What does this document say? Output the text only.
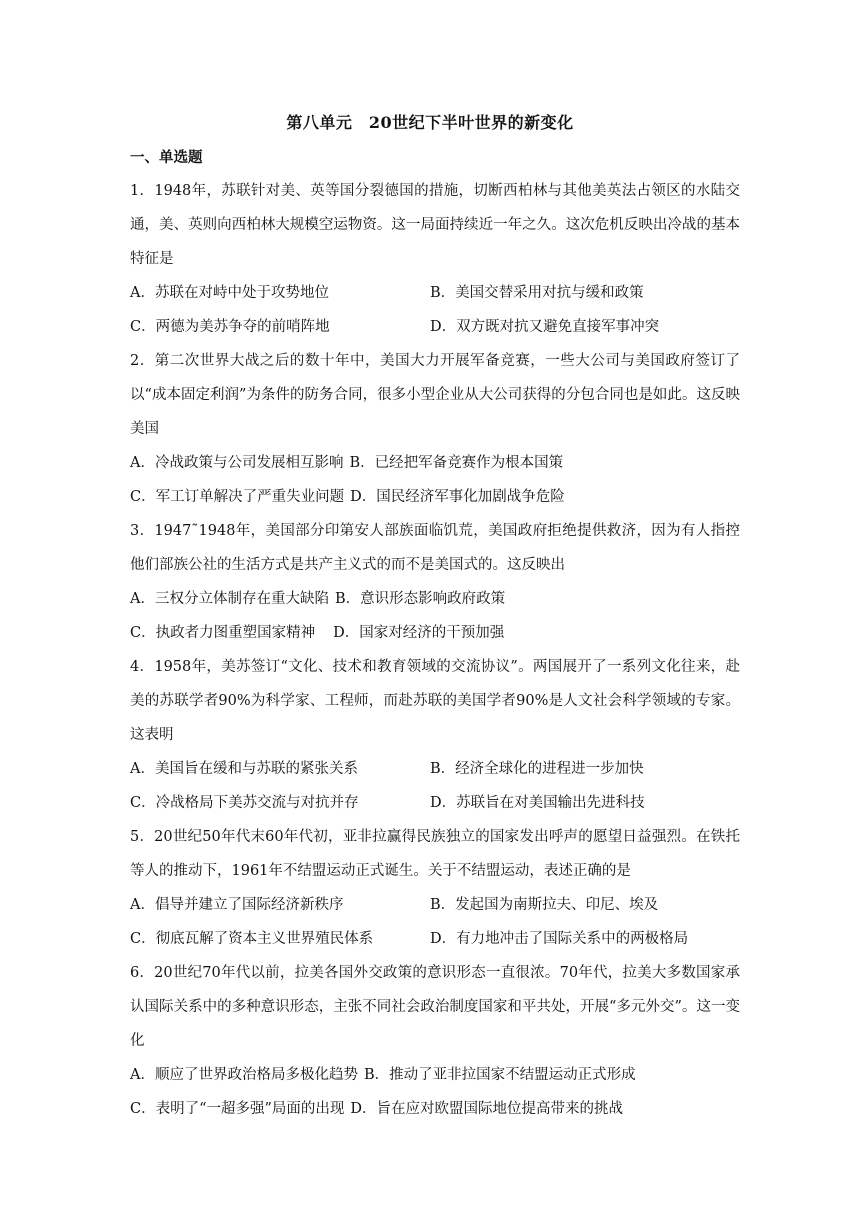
第八单元　20世纪下半叶世界的新变化
一、单选题

1．1948年，苏联针对美、英等国分裂德国的措施，切断西柏林与其他美英法占领区的水陆交通，美、英则向西柏林大规模空运物资。这一局面持续近一年之久。这次危机反映出冷战的基本特征是

A．苏联在对峙中处于攻势地位	B．美国交替采用对抗与缓和政策
C．两德为美苏争夺的前哨阵地	D．双方既对抗又避免直接军事冲突

2．第二次世界大战之后的数十年中，美国大力开展军备竞赛，一些大公司与美国政府签订了以“成本固定利润”为条件的防务合同，很多小型企业从大公司获得的分包合同也是如此。这反映美国

A．冷战政策与公司发展相互影响 B．已经把军备竞赛作为根本国策
C．军工订单解决了严重失业问题 D．国民经济军事化加剧战争危险

3．1947˜1948年，美国部分印第安人部族面临饥荒，美国政府拒绝提供救济，因为有人指控他们部族公社的生活方式是共产主义式的而不是美国式的。这反映出

A．三权分立体制存在重大缺陷 B．意识形态影响政府政策
C．执政者力图重塑国家精神 D．国家对经济的干预加强

4．1958年，美苏签订“文化、技术和教育领域的交流协议”。两国展开了一系列文化往来，赴美的苏联学者90%为科学家、工程师，而赴苏联的美国学者90%是人文社会科学领域的专家。这表明

A．美国旨在缓和与苏联的紧张关系	B．经济全球化的进程进一步加快
C．冷战格局下美苏交流与对抗并存	D．苏联旨在对美国输出先进科技

5．20世纪50年代末60年代初，亚非拉赢得民族独立的国家发出呼声的愿望日益强烈。在铁托等人的推动下，1961年不结盟运动正式诞生。关于不结盟运动，表述正确的是

A．倡导并建立了国际经济新秩序	B．发起国为南斯拉夫、印尼、埃及
C．彻底瓦解了资本主义世界殖民体系	D．有力地冲击了国际关系中的两极格局

6．20世纪70年代以前，拉美各国外交政策的意识形态一直很浓。70年代，拉美大多数国家承认国际关系中的多种意识形态，主张不同社会政治制度国家和平共处，开展“多元外交”。这一变化

A．顺应了世界政治格局多极化趋势 B．推动了亚非拉国家不结盟运动正式形成
C．表明了“一超多强”局面的出现 D．旨在应对欧盟国际地位提高带来的挑战
